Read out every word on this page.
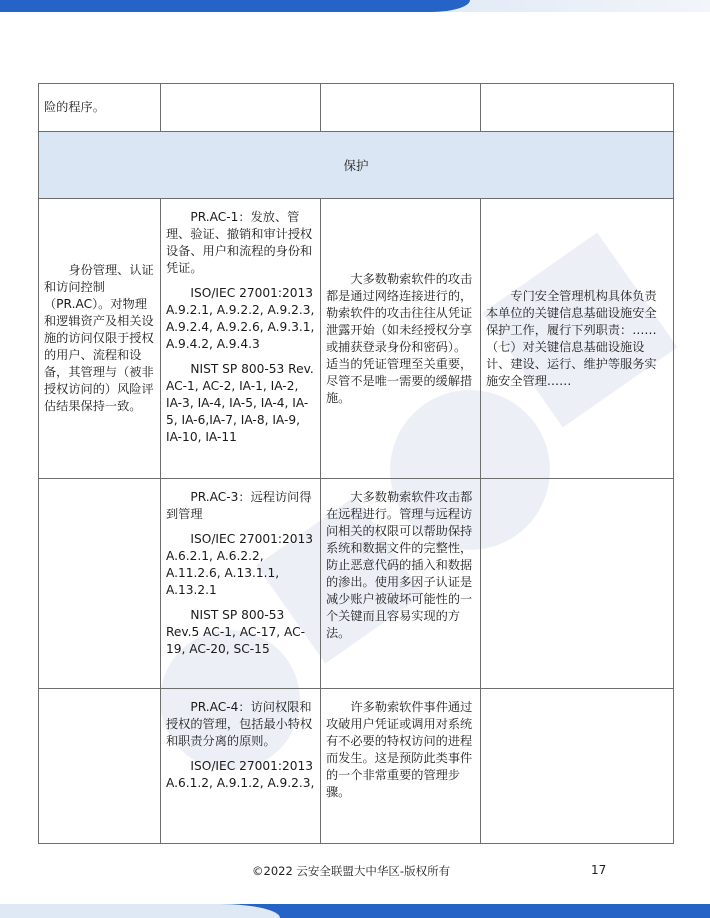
险的程序。			
保护			

身份管理、认证和访问控制（PR.AC）。对物理和逻辑资产及相关设施的访问仅限于授权的用户、流程和设备，其管理与（被非授权访问的）风险评估结果保持一致。	PR.AC-1：发放、管理、验证、撤销和审计授权设备、用户和流程的身份和凭证。

ISO/IEC 27001:2013 A.9.2.1, A.9.2.2, A.9.2.3, A.9.2.4, A.9.2.6, A.9.3.1, A.9.4.2, A.9.4.3

NIST SP 800-53 Rev. AC-1, AC-2, IA-1, IA-2, IA-3, IA-4, IA-5, IA-4, IA-5, IA-6,IA-7, IA-8, IA-9, IA-10, IA-11	大多数勒索软件的攻击都是通过网络连接进行的，勒索软件的攻击往往从凭证泄露开始（如未经授权分享或捕获登录身份和密码）。适当的凭证管理至关重要，尽管不是唯一需要的缓解措施。	专门安全管理机构具体负责本单位的关键信息基础设施安全保护工作，履行下列职责：……（七）对关键信息基础设施设计、建设、运行、维护等服务实施安全管理……

	PR.AC-3：远程访问得到管理

ISO/IEC 27001:2013 A.6.2.1, A.6.2.2, A.11.2.6, A.13.1.1, A.13.2.1

NIST SP 800-53 Rev.5 AC-1, AC-17, AC-19, AC-20, SC-15	大多数勒索软件攻击都在远程进行。管理与远程访问相关的权限可以帮助保持系统和数据文件的完整性，防止恶意代码的插入和数据的渗出。使用多因子认证是减少账户被破坏可能性的一个关键而且容易实现的方法。	

	PR.AC-4：访问权限和授权的管理，包括最小特权和职责分离的原则。

ISO/IEC 27001:2013 A.6.1.2, A.9.1.2, A.9.2.3,	许多勒索软件事件通过攻破用户凭证或调用对系统有不必要的特权访问的进程而发生。这是预防此类事件的一个非常重要的管理步骤。	

©2022 云安全联盟大中华区-版权所有	17
